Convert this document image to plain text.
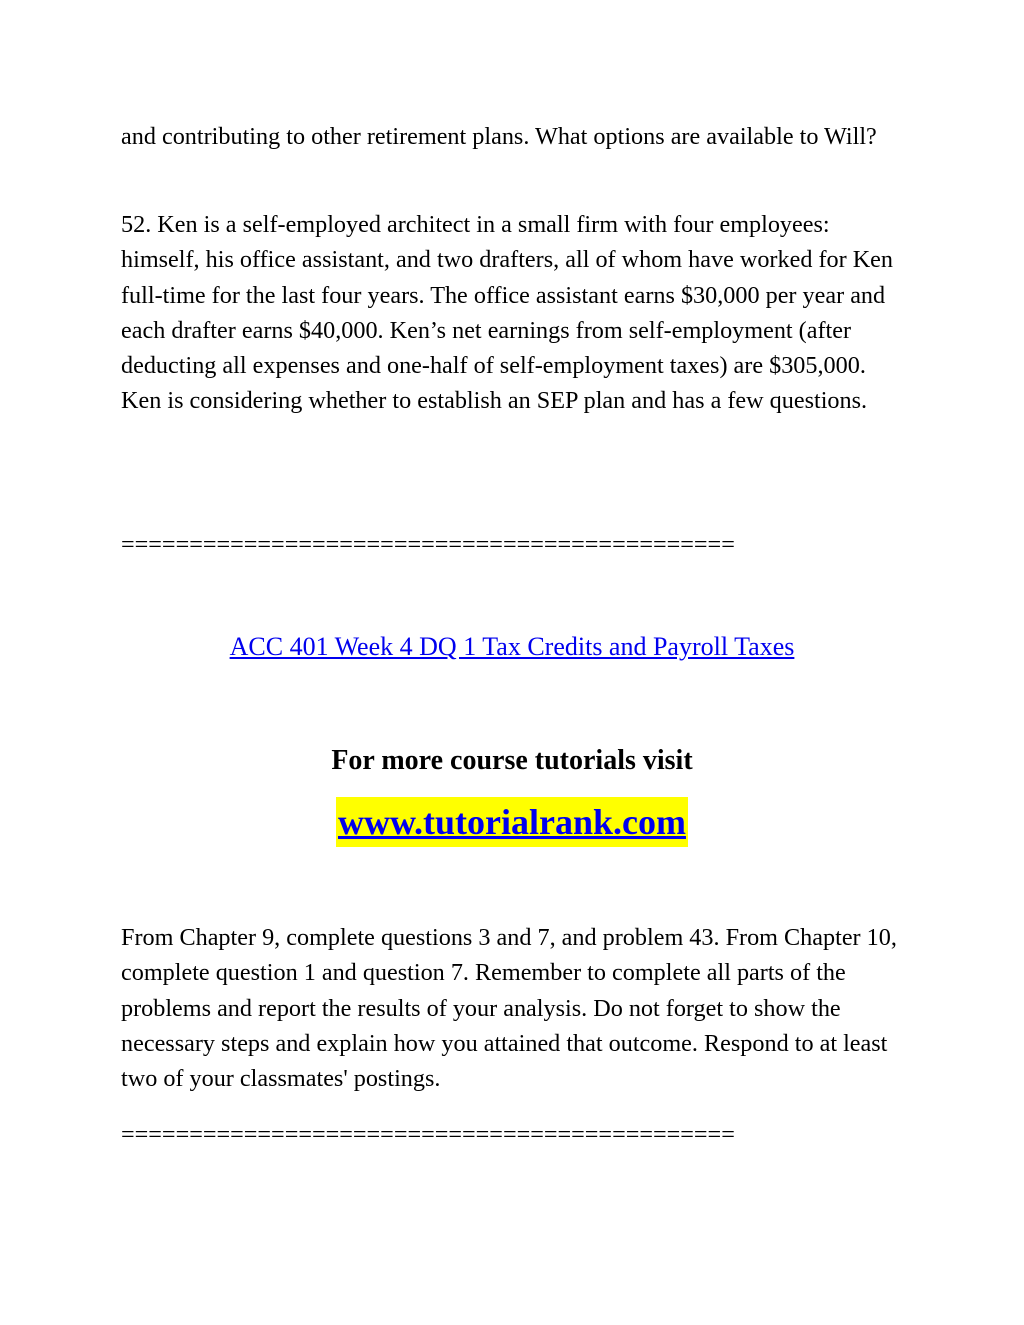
and contributing to other retirement plans. What options are available to Will?

52. Ken is a self-employed architect in a small firm with four employees: himself, his office assistant, and two drafters, all of whom have worked for Ken full-time for the last four years. The office assistant earns $30,000 per year and each drafter earns $40,000. Ken’s net earnings from self-employment (after deducting all expenses and one-half of self-employment taxes) are $305,000. Ken is considering whether to establish an SEP plan and has a few questions.

=============================================

ACC 401 Week 4 DQ 1 Tax Credits and Payroll Taxes

For more course tutorials visit

www.tutorialrank.com

From Chapter 9, complete questions 3 and 7, and problem 43. From Chapter 10, complete question 1 and question 7. Remember to complete all parts of the problems and report the results of your analysis. Do not forget to show the necessary steps and explain how you attained that outcome. Respond to at least two of your classmates' postings.

=============================================
